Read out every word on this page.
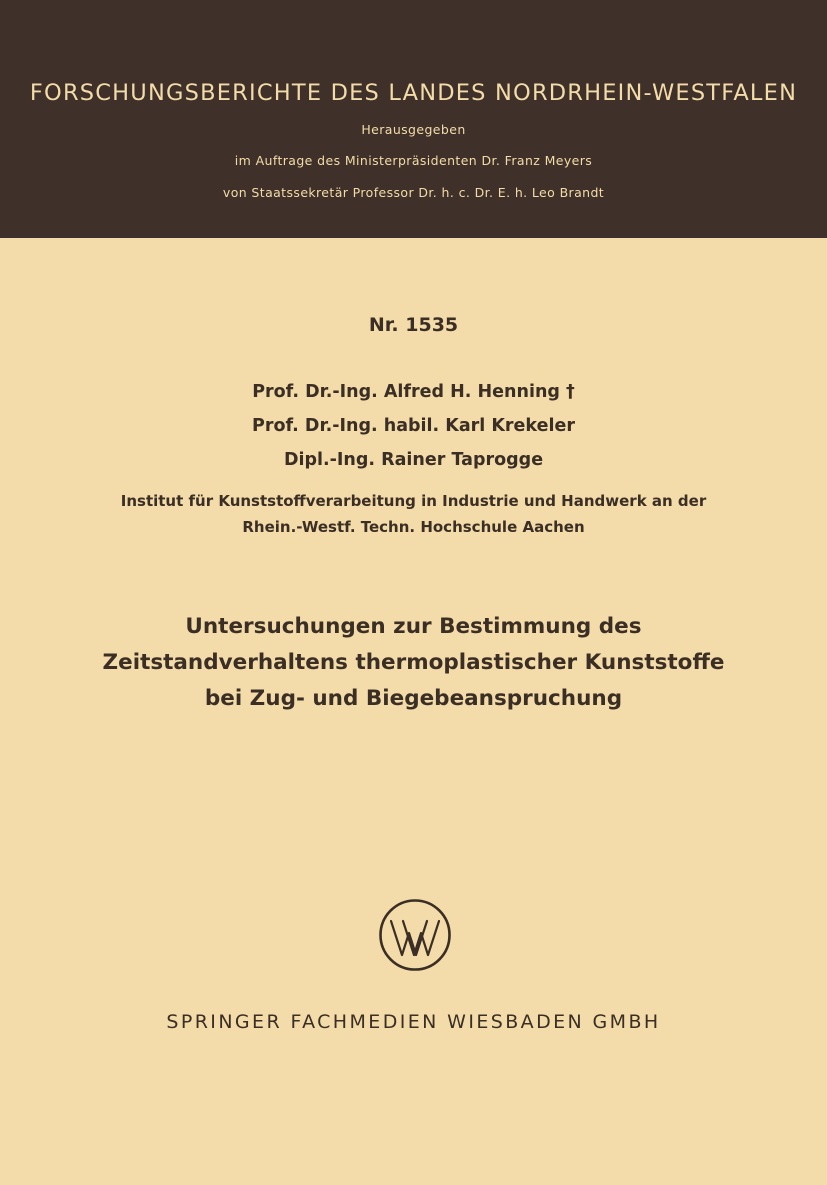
FORSCHUNGSBERICHTE DES LANDES NORDRHEIN-WESTFALEN
Herausgegeben
im Auftrage des Ministerpräsidenten Dr. Franz Meyers
von Staatssekretär Professor Dr. h. c. Dr. E. h. Leo Brandt
Nr. 1535
Prof. Dr.-Ing. Alfred H. Henning †
Prof. Dr.-Ing. habil. Karl Krekeler
Dipl.-Ing. Rainer Taprogge
Institut für Kunststoffverarbeitung in Industrie und Handwerk an der
Rhein.-Westf. Techn. Hochschule Aachen
Untersuchungen zur Bestimmung des
Zeitstandverhaltens thermoplastischer Kunststoffe
bei Zug- und Biegebeanspruchung
SPRINGER FACHMEDIEN WIESBADEN GMBH
